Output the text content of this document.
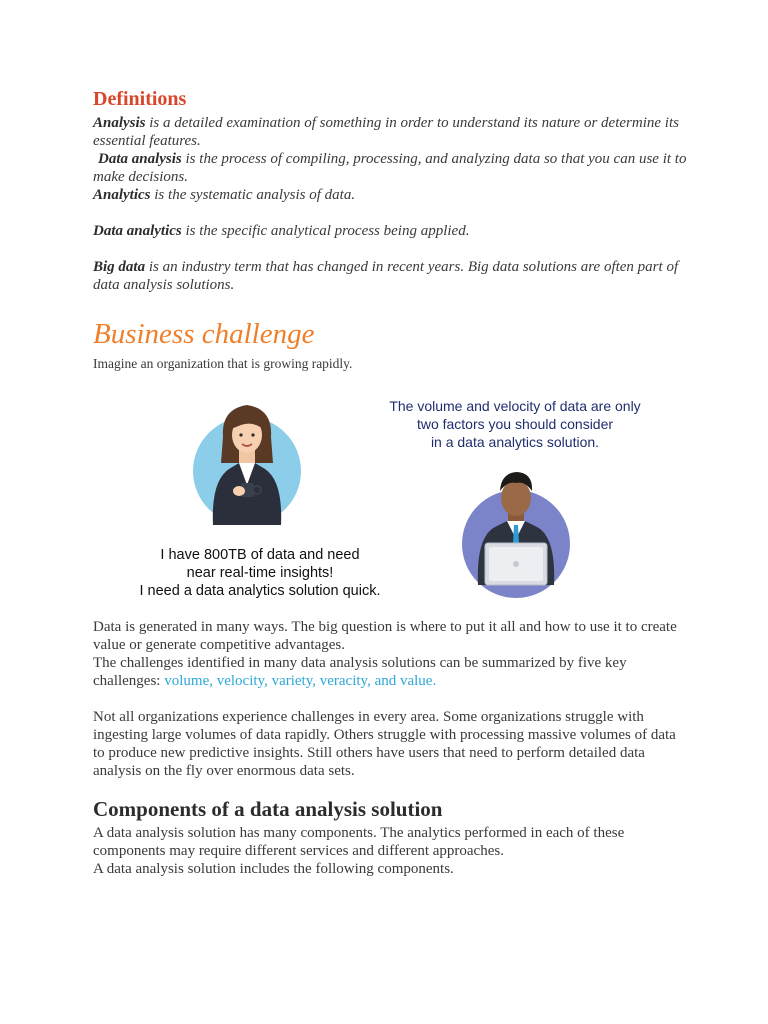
Definitions
Analysis is a detailed examination of something in order to understand its nature or determine its essential features.
Data analysis is the process of compiling, processing, and analyzing data so that you can use it to make decisions.
Analytics is the systematic analysis of data.
Data analytics is the specific analytical process being applied.
Big data is an industry term that has changed in recent years. Big data solutions are often part of data analysis solutions.
Business challenge
Imagine an organization that is growing rapidly.
The volume and velocity of data are only
two factors you should consider
in a data analytics solution.
I have 800TB of data and need
near real-time insights!
I need a data analytics solution quick.
Data is generated in many ways. The big question is where to put it all and how to use it to create value or generate competitive advantages.
The challenges identified in many data analysis solutions can be summarized by five key challenges: volume, velocity, variety, veracity, and value.
Not all organizations experience challenges in every area. Some organizations struggle with ingesting large volumes of data rapidly. Others struggle with processing massive volumes of data to produce new predictive insights. Still others have users that need to perform detailed data analysis on the fly over enormous data sets.
Components of a data analysis solution
A data analysis solution has many components. The analytics performed in each of these components may require different services and different approaches.
A data analysis solution includes the following components.
